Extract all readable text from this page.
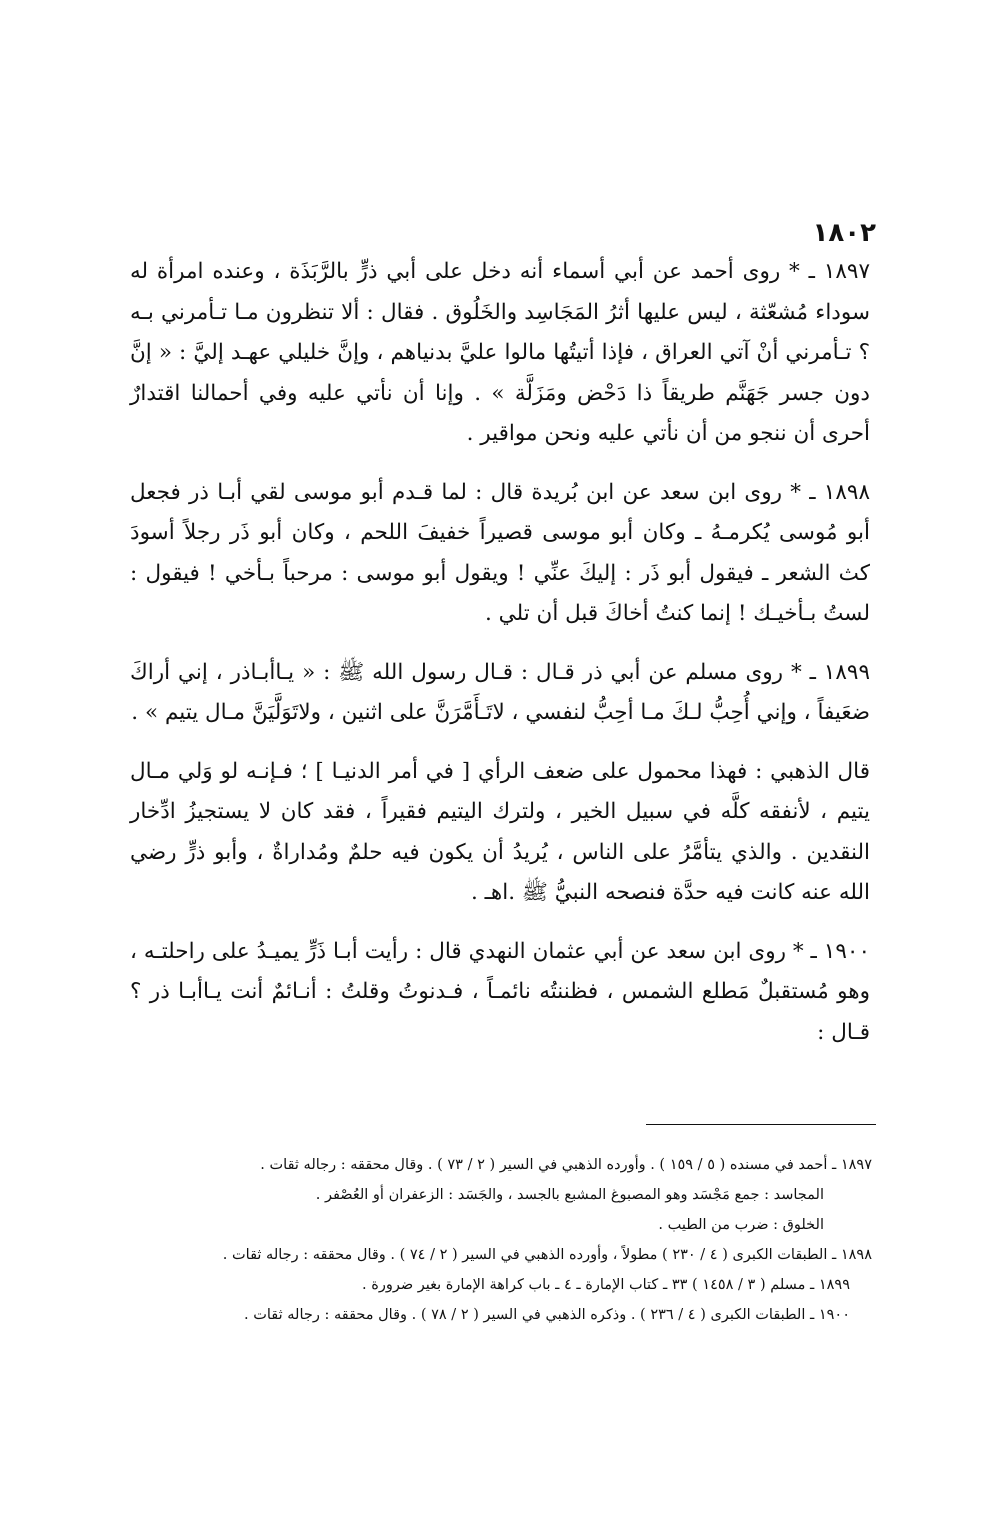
١٨٠٢

١٨٩٧ ـ * روى أحمد عن أبي أسماء أنه دخل على أبي ذرٍّ بالرَّبَذَة ، وعنده امرأة له سوداء مُشعّثة ، ليس عليها أثرُ المَجَاسِد والخَلُوق . فقال : ألا تنظرون مـا تـأمرني بـه ؟ تـأمرني أنْ آتي العراق ، فإذا أتيتُها مالوا عليَّ بدنياهم ، وإنَّ خليلي عهـد إليَّ : « إنَّ دون جسر جَهَنَّم طريقاً ذا دَحْض ومَزَلَّة » . وإنا أن نأتي عليه وفي أحمالنا اقتدارٌ أحرى أن ننجو من أن نأتي عليه ونحن مواقير .

١٨٩٨ ـ * روى ابن سعد عن ابن بُريدة قال : لما قـدم أبو موسى لقي أبـا ذر فجعل أبو مُوسى يُكرمـهُ ـ وكان أبو موسى قصيراً خفيفَ اللحم ، وكان أبو ذَر رجلاً أسودَ كث الشعر ـ فيقول أبو ذَر : إليكَ عنِّي ! ويقول أبو موسى : مرحباً بـأخي ! فيقول : لستُ بـأخيـك ! إنما كنتُ أخاكَ قبل أن تلي .

١٨٩٩ ـ * روى مسلم عن أبي ذر قـال : قـال رسول الله ﷺ : « يـاأبـاذر ، إني أراكَ ضعَيفاً ، وإني أُحِبُّ لـكَ مـا أحِبُّ لنفسي ، لاتَـأَمَّرَنَّ على اثنين ، ولاتَوَلَّيَنَّ مـال يتيم » .

قال الذهبي : فهذا محمول على ضعف الرأي [ في أمر الدنيـا ] ؛ فـإنـه لو وَلي مـال يتيم ، لأنفقه كلَّه في سبيل الخير ، ولترك اليتيم فقيراً ، فقد كان لا يستجيزُ ادِّخار النقدين . والذي يتأمَّرُ على الناس ، يُريدُ أن يكون فيه حلمٌ ومُداراةٌ ، وأبو ذرٍّ رضي الله عنه كانت فيه حدَّة فنصحه النبيُّ ﷺ .اهـ .

١٩٠٠ ـ * روى ابن سعد عن أبي عثمان النهدي قال : رأيت أبـا ذَرٍّ يميـدُ على راحلتـه ، وهو مُستقبلٌ مَطلع الشمس ، فظننتُه نائمـاً ، فـدنوتُ وقلتُ : أنـائمٌ أنت يـاأبـا ذر ؟ قـال :

١٨٩٧ ـ أحمد في مسنده ( ٥ / ١٥٩ ) . وأورده الذهبي في السير ( ٢ / ٧٣ ) . وقال محققه : رجاله ثقات .

المجاسد : جمع مَجْسَد وهو المصبوغ المشبع بالجسد ، والجَسَد : الزعفران أو العُصْفر .

الخلوق : ضرب من الطيب .

١٨٩٨ ـ الطبقات الكبرى ( ٤ / ٢٣٠ ) مطولاً ، وأورده الذهبي في السير ( ٢ / ٧٤ ) . وقال محققه : رجاله ثقات .

١٨٩٩ ـ مسلم ( ٣ / ١٤٥٨ ) ٣٣ ـ كتاب الإمارة ـ ٤ ـ باب كراهة الإمارة بغير ضرورة .

١٩٠٠ ـ الطبقات الكبرى ( ٤ / ٢٣٦ ) . وذكره الذهبي في السير ( ٢ / ٧٨ ) . وقال محققه : رجاله ثقات .
